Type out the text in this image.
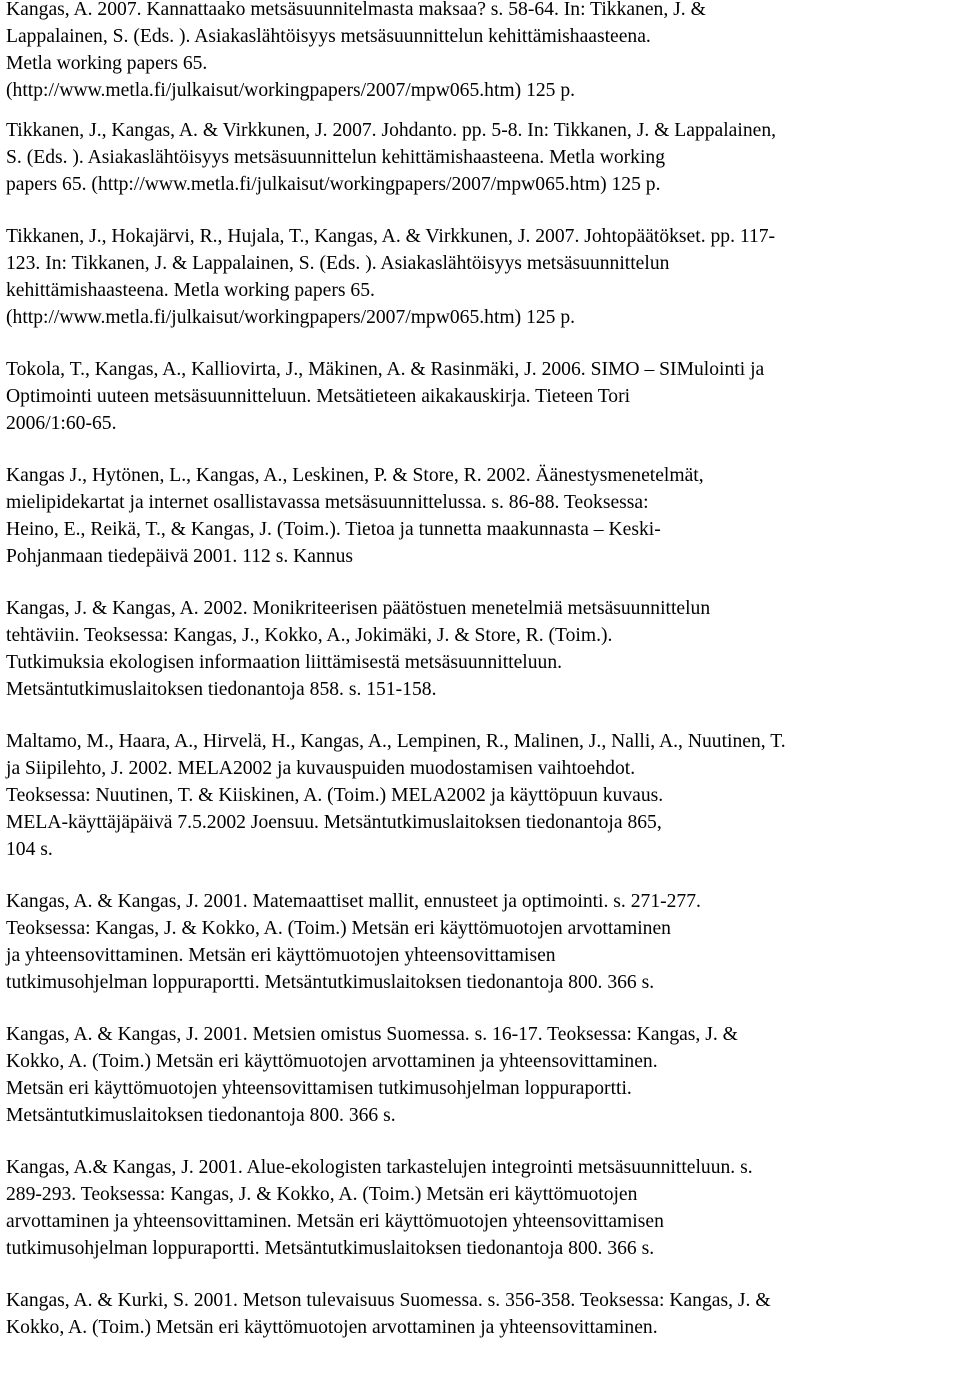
Kangas, A. 2007. Kannattaako metsäsuunnitelmasta maksaa? s. 58-64. In: Tikkanen, J. &
Lappalainen, S. (Eds. ). Asiakaslähtöisyys metsäsuunnittelun kehittämishaasteena.
Metla working papers 65.
(http://www.metla.fi/julkaisut/workingpapers/2007/mpw065.htm) 125 p.
Tikkanen, J., Kangas, A. & Virkkunen, J. 2007. Johdanto. pp. 5-8. In: Tikkanen, J. & Lappalainen,
S. (Eds. ). Asiakaslähtöisyys metsäsuunnittelun kehittämishaasteena. Metla working
papers 65. (http://www.metla.fi/julkaisut/workingpapers/2007/mpw065.htm) 125 p.
Tikkanen, J., Hokajärvi, R., Hujala, T., Kangas, A. & Virkkunen, J. 2007. Johtopäätökset. pp. 117-
123. In: Tikkanen, J. & Lappalainen, S. (Eds. ). Asiakaslähtöisyys metsäsuunnittelun
kehittämishaasteena. Metla working papers 65.
(http://www.metla.fi/julkaisut/workingpapers/2007/mpw065.htm) 125 p.
Tokola, T., Kangas, A., Kalliovirta, J., Mäkinen, A. & Rasinmäki, J. 2006. SIMO – SIMulointi ja
Optimointi uuteen metsäsuunnitteluun. Metsätieteen aikakauskirja. Tieteen Tori
2006/1:60-65.
Kangas J., Hytönen, L., Kangas, A., Leskinen, P. & Store, R. 2002. Äänestysmenetelmät,
mielipidekartat ja internet osallistavassa metsäsuunnittelussa. s. 86-88. Teoksessa:
Heino, E., Reikä, T., & Kangas, J. (Toim.). Tietoa ja tunnetta maakunnasta – Keski-
Pohjanmaan tiedepäivä 2001. 112 s. Kannus
Kangas, J. & Kangas, A. 2002. Monikriteerisen päätöstuen menetelmiä metsäsuunnittelun
tehtäviin. Teoksessa: Kangas, J., Kokko, A., Jokimäki, J. & Store, R. (Toim.).
Tutkimuksia ekologisen informaation liittämisestä metsäsuunnitteluun.
Metsäntutkimuslaitoksen tiedonantoja 858. s. 151-158.
Maltamo, M., Haara, A., Hirvelä, H., Kangas, A., Lempinen, R., Malinen, J., Nalli, A., Nuutinen, T.
ja Siipilehto, J. 2002. MELA2002 ja kuvauspuiden muodostamisen vaihtoehdot.
Teoksessa: Nuutinen, T. & Kiiskinen, A. (Toim.) MELA2002 ja käyttöpuun kuvaus.
MELA-käyttäjäpäivä 7.5.2002 Joensuu. Metsäntutkimuslaitoksen tiedonantoja 865,
104 s.
Kangas, A. & Kangas, J. 2001. Matemaattiset mallit, ennusteet ja optimointi. s. 271-277.
Teoksessa: Kangas, J. & Kokko, A. (Toim.) Metsän eri käyttömuotojen arvottaminen
ja yhteensovittaminen. Metsän eri käyttömuotojen yhteensovittamisen
tutkimusohjelman loppuraportti. Metsäntutkimuslaitoksen tiedonantoja 800. 366 s.
Kangas, A. & Kangas, J. 2001. Metsien omistus Suomessa. s. 16-17. Teoksessa: Kangas, J. &
Kokko, A. (Toim.) Metsän eri käyttömuotojen arvottaminen ja yhteensovittaminen.
Metsän eri käyttömuotojen yhteensovittamisen tutkimusohjelman loppuraportti.
Metsäntutkimuslaitoksen tiedonantoja 800. 366 s.
Kangas, A.& Kangas, J. 2001. Alue-ekologisten tarkastelujen integrointi metsäsuunnitteluun. s.
289-293. Teoksessa: Kangas, J. & Kokko, A. (Toim.) Metsän eri käyttömuotojen
arvottaminen ja yhteensovittaminen. Metsän eri käyttömuotojen yhteensovittamisen
tutkimusohjelman loppuraportti. Metsäntutkimuslaitoksen tiedonantoja 800. 366 s.
Kangas, A. & Kurki, S. 2001. Metson tulevaisuus Suomessa. s. 356-358. Teoksessa: Kangas, J. &
Kokko, A. (Toim.) Metsän eri käyttömuotojen arvottaminen ja yhteensovittaminen.
